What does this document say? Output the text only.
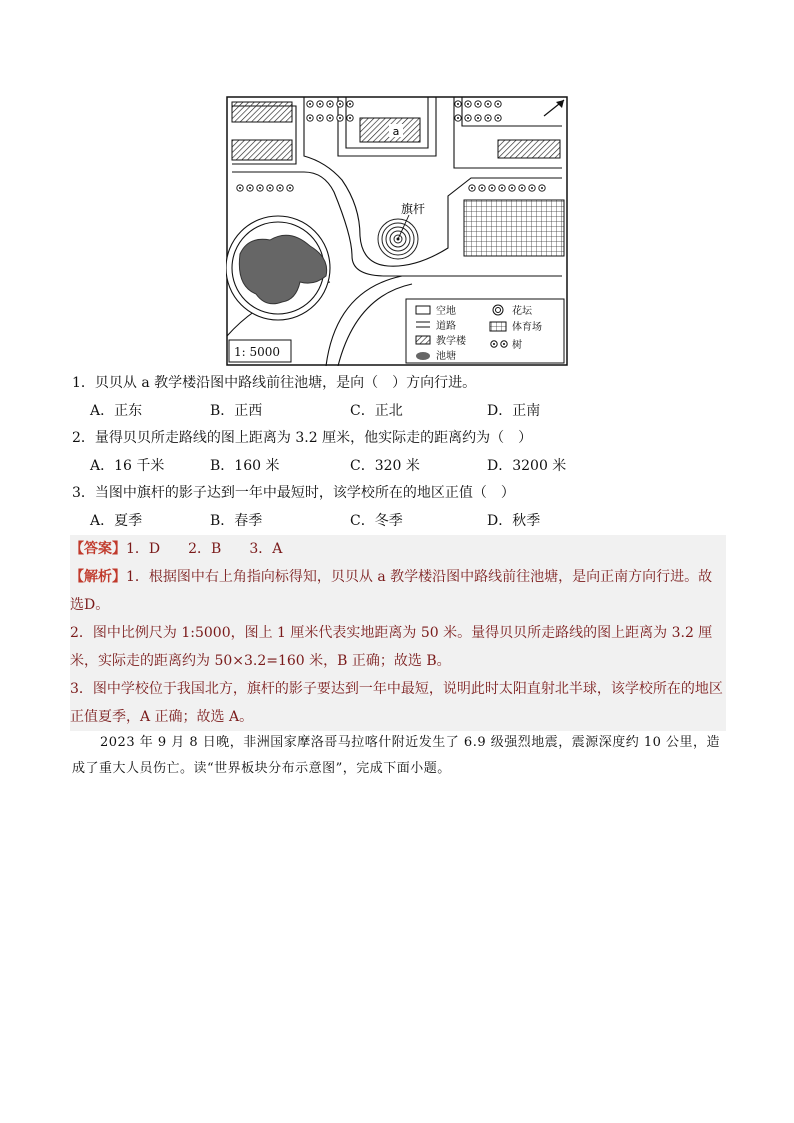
a
旗杆
空地
道路
教学楼
池塘
花坛
体育场
树
1: 5000
1．贝贝从 a 教学楼沿图中路线前往池塘，是向（　）方向行进。
A．正东	B．正西	C．正北	D．正南
2．量得贝贝所走路线的图上距离为 3.2 厘米，他实际走的距离约为（　）
A．16 千米	B．160 米	C．320 米	D．3200 米
3．当图中旗杆的影子达到一年中最短时，该学校所在的地区正值（　）
A．夏季	B．春季	C．冬季	D．秋季
【答案】1．D　　2．B　　3．A
【解析】1．根据图中右上角指向标得知，贝贝从 a 教学楼沿图中路线前往池塘，是向正南方向行进。故选D。
2．图中比例尺为 1:5000，图上 1 厘米代表实地距离为 50 米。量得贝贝所走路线的图上距离为 3.2 厘米，实际走的距离约为 50×3.2=160 米，B 正确；故选 B。
3．图中学校位于我国北方，旗杆的影子要达到一年中最短，说明此时太阳直射北半球，该学校所在的地区正值夏季，A 正确；故选 A。
2023 年 9 月 8 日晚，非洲国家摩洛哥马拉喀什附近发生了 6.9 级强烈地震，震源深度约 10 公里，造成了重大人员伤亡。读“世界板块分布示意图”，完成下面小题。
